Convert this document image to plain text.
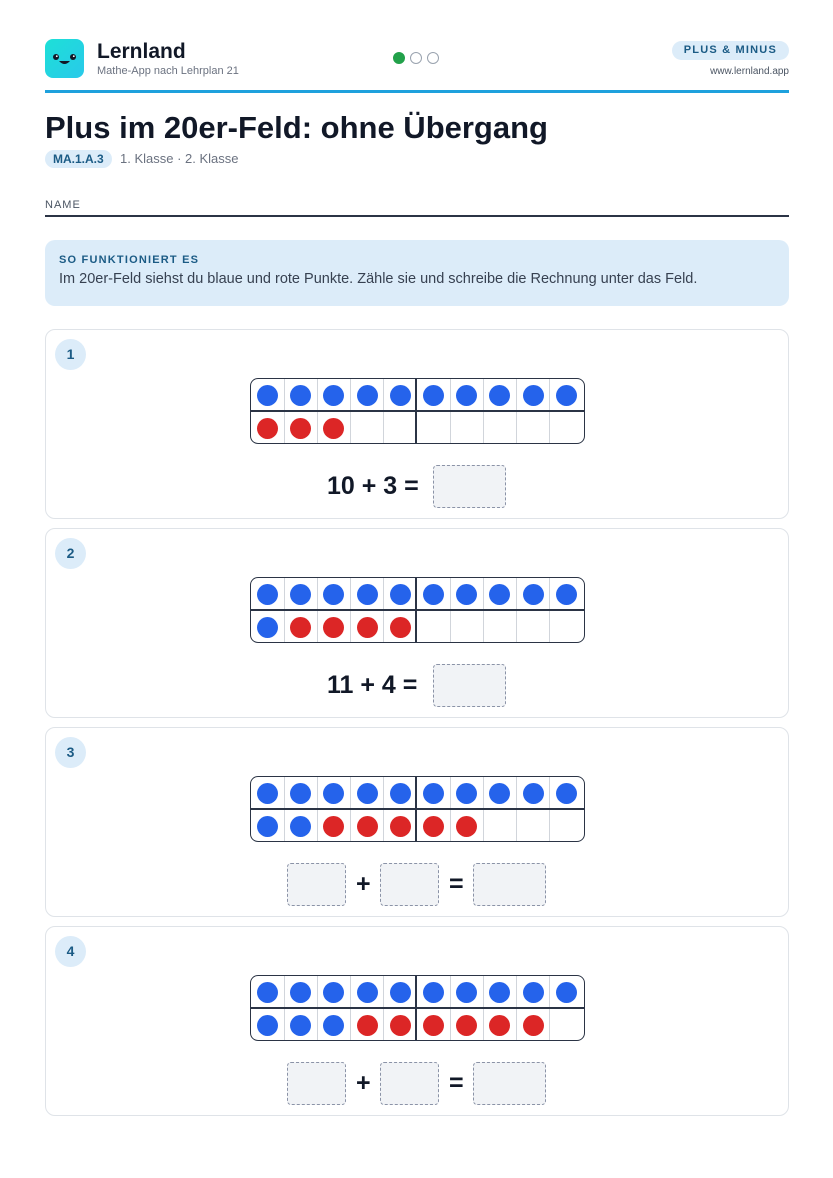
Lernland
Mathe-App nach Lehrplan 21
PLUS & MINUS
www.lernland.app
Plus im 20er-Feld: ohne Übergang
MA.1.A.3	1. Klasse · 2. Klasse
NAME
SO FUNKTIONIERT ES
Im 20er-Feld siehst du blaue und rote Punkte. Zähle sie und schreibe die Rechnung unter das Feld.
1
10 + 3 =
2
11 + 4 =
3
+	=
4
+	=
